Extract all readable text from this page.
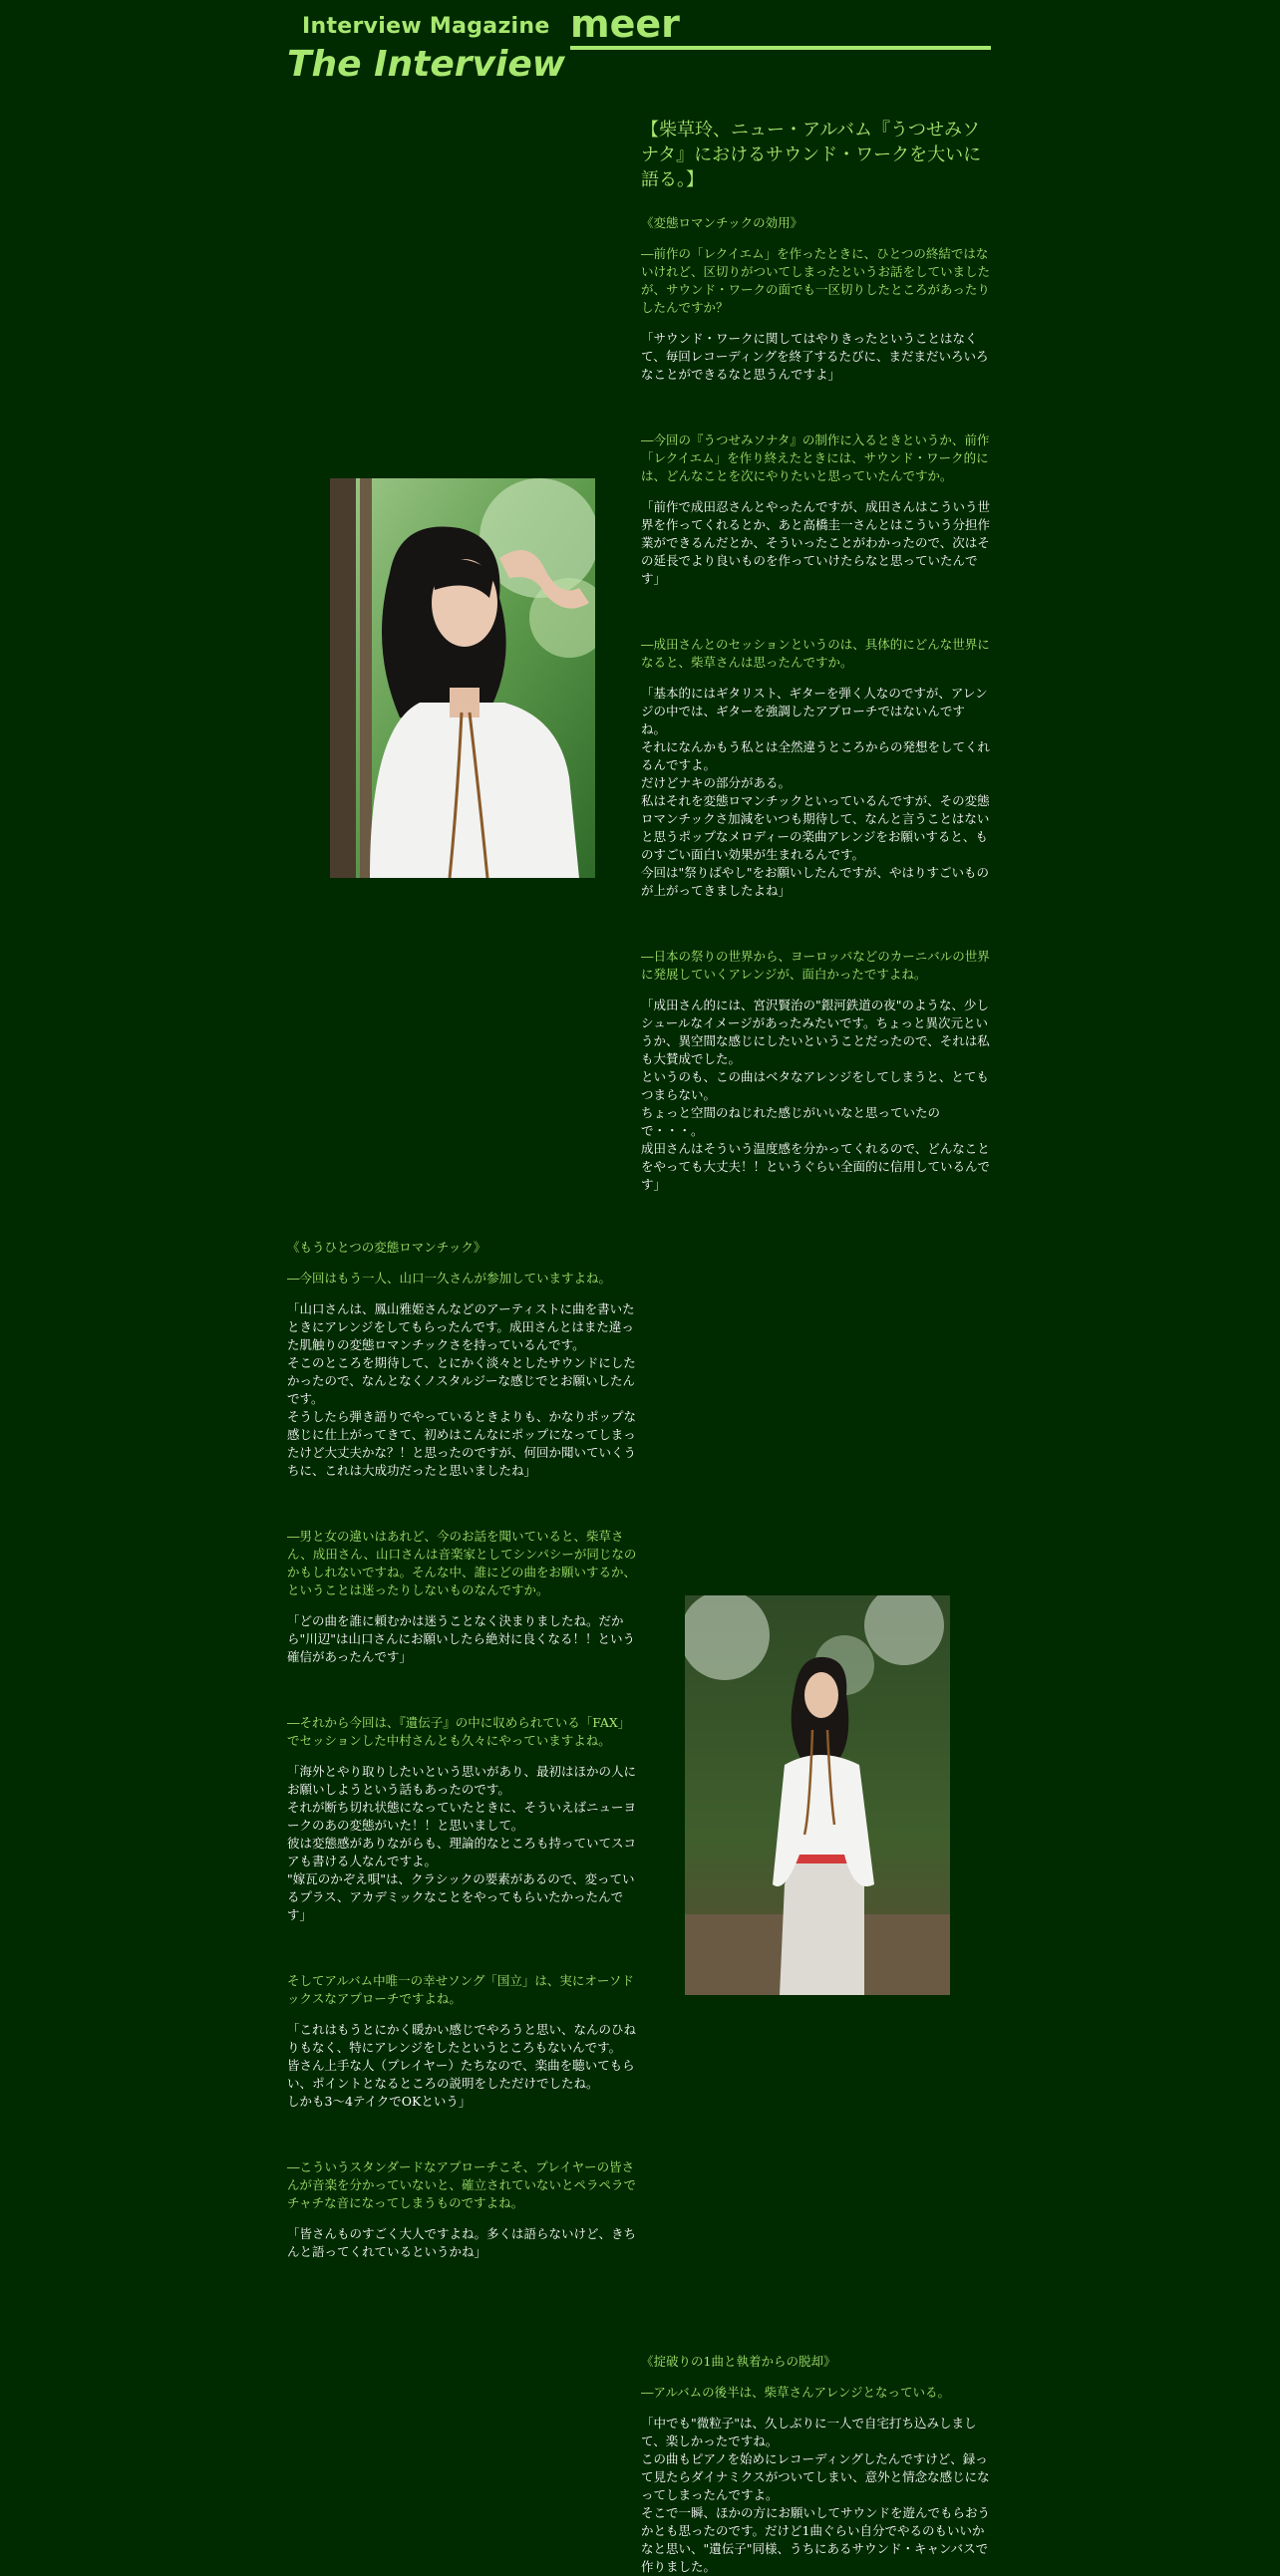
Interview Magazine
The Interview
meer

【柴草玲、ニュー・アルバム『うつせみソナタ』におけるサウンド・ワークを大いに語る。】

《変態ロマンチックの効用》

―前作の「レクイエム」を作ったときに、ひとつの終結ではないけれど、区切りがついてしまったというお話をしていましたが、サウンド・ワークの面でも一区切りしたところがあったりしたんですか？

「サウンド・ワークに関してはやりきったということはなくて、毎回レコーディングを終了するたびに、まだまだいろいろなことができるなと思うんですよ」

―今回の『うつせみソナタ』の制作に入るときというか、前作「レクイエム」を作り終えたときには、サウンド・ワーク的には、どんなことを次にやりたいと思っていたんですか。

「前作で成田忍さんとやったんですが、成田さんはこういう世界を作ってくれるとか、あと高橋圭一さんとはこういう分担作業ができるんだとか、そういったことがわかったので、次はその延長でより良いものを作っていけたらなと思っていたんです」

―成田さんとのセッションというのは、具体的にどんな世界になると、柴草さんは思ったんですか。

「基本的にはギタリスト、ギターを弾く人なのですが、アレンジの中では、ギターを強調したアプローチではないんです ね。
それになんかもう私とは全然違うところからの発想をしてくれるんですよ。
だけどナキの部分がある。
私はそれを変態ロマンチックといっているんですが、その変態ロマンチックさ加減をいつも期待して、なんと言うことはないと思うポップなメロディーの楽曲アレンジをお願いすると、ものすごい面白い効果が生まれるんです。
今回は"祭りばやし"をお願いしたんですが、やはりすごいものが上がってきましたよね」

―日本の祭りの世界から、ヨーロッパなどのカーニバルの世界に発展していくアレンジが、面白かったですよね。

「成田さん的には、宮沢賢治の"銀河鉄道の夜"のような、少しシュールなイメージがあったみたいです。ちょっと異次元というか、異空間な感じにしたいということだったので、それは私も大賛成でした。
というのも、この曲はベタなアレンジをしてしまうと、とてもつまらない。
ちょっと空間のねじれた感じがいいなと思っていたので・・・。
成田さんはそういう温度感を分かってくれるので、どんなことをやっても大丈夫！！というぐらい全面的に信用しているんです」

《もうひとつの変態ロマンチック》

―今回はもう一人、山口一久さんが参加していますよね。

「山口さんは、鳳山雅姫さんなどのアーティストに曲を書いたときにアレンジをしてもらったんです。成田さんとはまた違った肌触りの変態ロマンチックさを持っているんです。
そこのところを期待して、とにかく淡々としたサウンドにしたかったので、なんとなくノスタルジーな感じでとお願いしたんです。
そうしたら弾き語りでやっているときよりも、かなりポップな感じに仕上がってきて、初めはこんなにポップになってしまったけど大丈夫かな？！と思ったのですが、何回か聞いていくうちに、これは大成功だったと思いましたね」

―男と女の違いはあれど、今のお話を聞いていると、柴草さん、成田さん、山口さんは音楽家としてシンパシーが同じなのかもしれないですね。そんな中、誰にどの曲をお願いするか、ということは迷ったりしないものなんですか。

「どの曲を誰に頼むかは迷うことなく決まりましたね。だから"川辺"は山口さんにお願いしたら絶対に良くなる！！という確信があったんです」

―それから今回は、『遺伝子』の中に収められている「FAX」でセッションした中村さんとも久々にやっていますよね。

「海外とやり取りしたいという思いがあり、最初はほかの人にお願いしようという話もあったのです。
それが断ち切れ状態になっていたときに、そういえばニューヨークのあの変態がいた！！と思いまして。
彼は変態感がありながらも、理論的なところも持っていてスコアも書ける人なんですよ。
"嫁瓦のかぞえ唄"は、クラシックの要素があるので、変っているプラス、アカデミックなことをやってもらいたかったんです」

そしてアルバム中唯一の幸せソング「国立」は、実にオーソドックスなアプローチですよね。

「これはもうとにかく暖かい感じでやろうと思い、なんのひねりもなく、特にアレンジをしたというところもないんです。
皆さん上手な人（プレイヤー）たちなので、楽曲を聴いてもらい、ポイントとなるところの説明をしただけでしたね。
しかも3～4テイクでOKという」

―こういうスタンダードなアプローチこそ、プレイヤーの皆さんが音楽を分かっていないと、確立されていないとペラペラでチャチな音になってしまうものですよね。

「皆さんものすごく大人ですよね。多くは語らないけど、きちんと語ってくれているというかね」

《掟破りの1曲と執着からの脱却》

―アルバムの後半は、柴草さんアレンジとなっている。

「中でも"微粒子"は、久しぶりに一人で自宅打ち込みしまして、楽しかったですね。
この曲もピアノを始めにレコーディングしたんですけど、録って見たらダイナミクスがついてしまい、意外と情念な感じになってしまったんですよ。
そこで一瞬、ほかの方にお願いしてサウンドを遊んでもらおうかとも思ったのです。だけど1曲ぐらい自分でやるのもいいかなと思い、"遺伝子"同様、うちにあるサウンド・キャンバスで作りました。
